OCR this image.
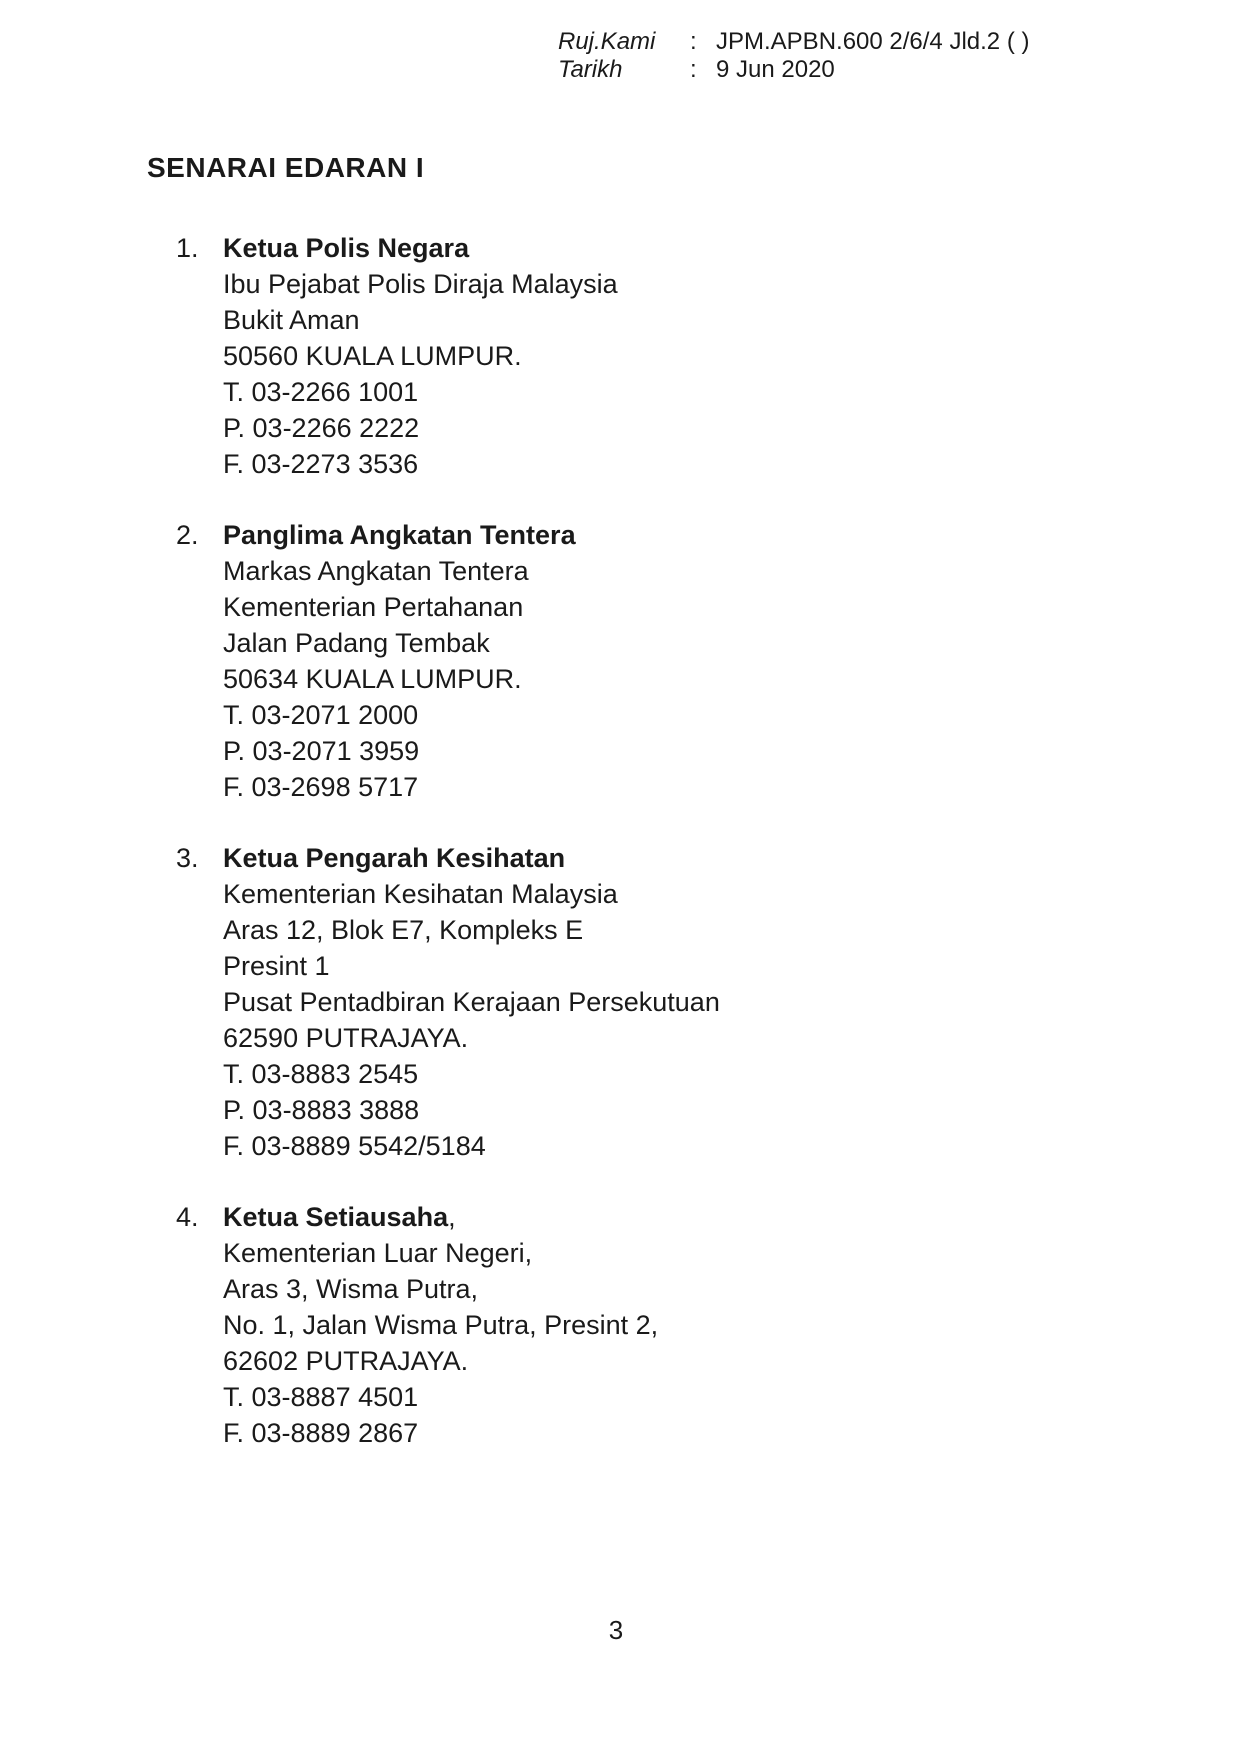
Ruj.Kami	: JPM.APBN.600 2/6/4 Jld.2 ( )
Tarikh	: 9 Jun 2020
SENARAI EDARAN I
1. Ketua Polis Negara
Ibu Pejabat Polis Diraja Malaysia
Bukit Aman
50560 KUALA LUMPUR.
T. 03-2266 1001
P. 03-2266 2222
F. 03-2273 3536
2. Panglima Angkatan Tentera
Markas Angkatan Tentera
Kementerian Pertahanan
Jalan Padang Tembak
50634 KUALA LUMPUR.
T. 03-2071 2000
P. 03-2071 3959
F. 03-2698 5717
3. Ketua Pengarah Kesihatan
Kementerian Kesihatan Malaysia
Aras 12, Blok E7, Kompleks E
Presint 1
Pusat Pentadbiran Kerajaan Persekutuan
62590 PUTRAJAYA.
T. 03-8883 2545
P. 03-8883 3888
F. 03-8889 5542/5184
4. Ketua Setiausaha,
Kementerian Luar Negeri,
Aras 3, Wisma Putra,
No. 1, Jalan Wisma Putra, Presint 2,
62602 PUTRAJAYA.
T. 03-8887 4501
F. 03-8889 2867
3
